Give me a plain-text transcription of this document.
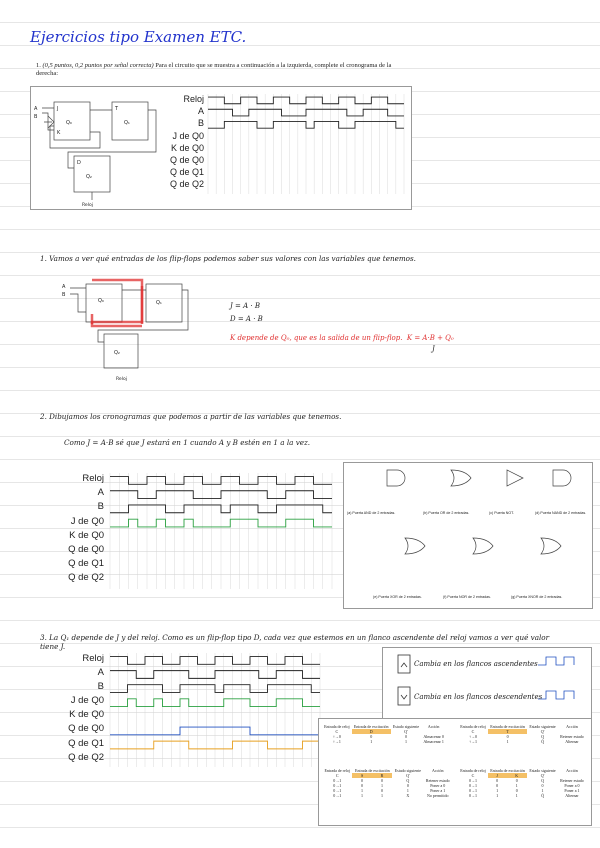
Ejercicios tipo Examen ETC.
1. (0,5 puntos, 0,2 puntos por señal correcta) Para el circuito que se muestra a continuación a la izquierda, complete el cronograma de la derecha:
A
B
J
K
Q₀
T
Q₁
D
Q₂
Reloj
Reloj
A
B
J de Q0
K de Q0
Q de Q0
Q de Q1
Q de Q2
1. Vamos a ver qué entradas de los flip-flops podemos saber sus valores con las variables que tenemos.
A
B
Q₀	Q₁
Q₂
Reloj
J = A · B
D = A · B
K depende de Q₀, que es la salida de un flip-flop. K = A·B + Q₀
J
2. Dibujamos los cronogramas que podemos a partir de las variables que tenemos.
Como J = A·B sé que J estará en 1 cuando A y B estén en 1 a la vez.
Reloj
A
B
J de Q0
K de Q0
Q de Q0
Q de Q1
Q de Q2
(a) Puerta AND de 2 entradas.	(b) Puerta OR de 2 entradas.	(c) Puerta NOT.	(d) Puerta NAND de 2 entradas.
(e) Puerta XOR de 2 entradas.	(f) Puerta NOR de 2 entradas.	(g) Puerta XNOR de 2 entradas.
3. La Q₁ depende de J y del reloj. Como es un flip-flop tipo D, cada vez que estemos en un flanco ascendente del reloj vamos a ver qué valor tiene J.
Reloj
A
B
J de Q0
K de Q0
Q de Q0
Q de Q1
Q de Q2
Cambia en los flancos ascendentes
Cambia en los flancos descendentes
Entrada de reloj	Entrada de excitación	Estado siguiente	Acción
C	D	Q'	
↑→0	0	0	Almacenar 0
↑→1	1	1	Almacenar 1
Entrada de reloj	Entrada de excitación	Estado siguiente	Acción
C	T	Q'	
↑→0	0	Q	Retener estado
↑→1	1	Q̄	Alternar
Entrada de reloj	Entrada de excitación		Estado siguiente	Acción
C	S	R	Q'	
0→1	0	0	Q	Retener estado
0→1	0	1	0	Poner a 0
0→1	1	0	1	Poner a 1
0→1	1	1	X	No permitido
Entrada de reloj	Entrada de excitación		Estado siguiente	Acción
C	J	K	Q'	
0→1	0	0	Q	Retener estado
0→1	0	1	0	Poner a 0
0→1	1	0	1	Poner a 1
0→1	1	1	Q̄	Alternar
